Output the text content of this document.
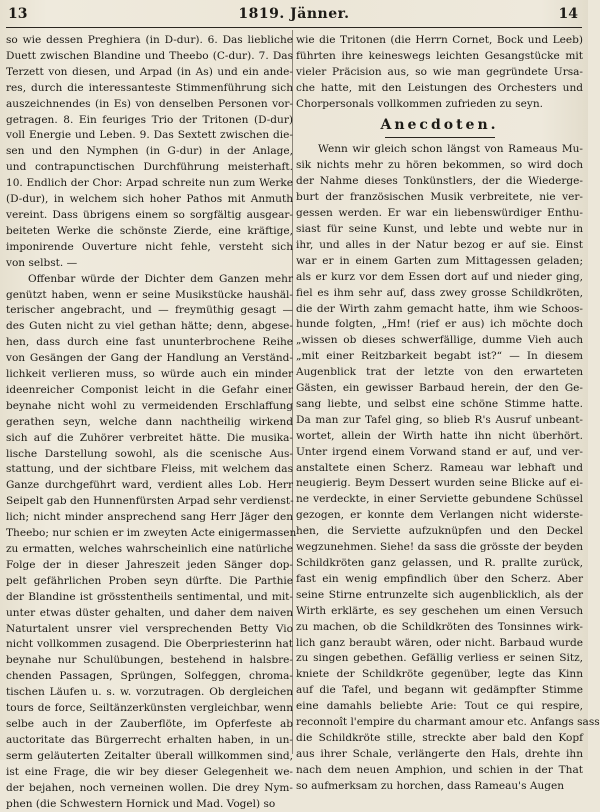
13	1819. Jänner.	14

so wie dessen Preghiera (in D-dur). 6. Das liebliche

Duett zwischen Blandine und Theebo (C-dur). 7. Das

Terzett von diesen, und Arpad (in As) und ein ande-

res, durch die interessanteste Stimmenführung sich

auszeichnendes (in Es) von denselben Personen vor-

getragen. 8. Ein feuriges Trio der Tritonen (D-dur)

voll Energie und Leben. 9. Das Sextett zwischen die-

sen und den Nymphen (in G-dur) in der Anlage,

und contrapunctischen Durchführung meisterhaft.

10. Endlich der Chor: Arpad schreite nun zum Werke

(D-dur), in welchem sich hoher Pathos mit Anmuth

vereint. Dass übrigens einem so sorgfältig ausgear-

beiteten Werke die schönste Zierde, eine kräftige,

imponirende Ouverture nicht fehle, versteht sich

von selbst. —

Offenbar würde der Dichter dem Ganzen mehr

genützt haben, wenn er seine Musikstücke haushäl-

terischer angebracht, und — freymüthig gesagt —

des Guten nicht zu viel gethan hätte; denn, abgese-

hen, dass durch eine fast ununterbrochene Reihe

von Gesängen der Gang der Handlung an Verständ-

lichkeit verlieren muss, so würde auch ein minder

ideenreicher Componist leicht in die Gefahr einer

beynahe nicht wohl zu vermeidenden Erschlaffung

gerathen seyn, welche dann nachtheilig wirkend

sich auf die Zuhörer verbreitet hätte. Die musika-

lische Darstellung sowohl, als die scenische Aus-

stattung, und der sichtbare Fleiss, mit welchem das

Ganze durchgeführt ward, verdient alles Lob. Herr

Seipelt gab den Hunnenfürsten Arpad sehr verdienst-

lich; nicht minder ansprechend sang Herr Jäger den

Theebo; nur schien er im zweyten Acte einigermassen

zu ermatten, welches wahrscheinlich eine natürliche

Folge der in dieser Jahreszeit jeden Sänger dop-

pelt gefährlichen Proben seyn dürfte. Die Parthie

der Blandine ist grösstentheils sentimental, und mit-

unter etwas düster gehalten, und daher dem naiven

Naturtalent unsrer viel versprechenden Betty Vio

nicht vollkommen zusagend. Die Oberpriesterinn hat

beynahe nur Schulübungen, bestehend in halsbre-

chenden Passagen, Sprüngen, Solfeggen, chroma-

tischen Läufen u. s. w. vorzutragen. Ob dergleichen

tours de force, Seiltänzerkünsten vergleichbar, wenn

selbe auch in der Zauberflöte, im Opferfeste ab

auctoritate das Bürgerrecht erhalten haben, in un-

serm geläuterten Zeitalter überall willkommen sind,

ist eine Frage, die wir bey dieser Gelegenheit we-

der bejahen, noch verneinen wollen. Die drey Nym-

phen (die Schwestern Hornick und Mad. Vogel) so

wie die Tritonen (die Herrn Cornet, Bock und Leeb)

führten ihre keineswegs leichten Gesangstücke mit

vieler Präcision aus, so wie man gegründete Ursa-

che hatte, mit den Leistungen des Orchesters und

Chorpersonals vollkommen zufrieden zu seyn.

Anecdoten.

Wenn wir gleich schon längst von Rameaus Mu-

sik nichts mehr zu hören bekommen, so wird doch

der Nahme dieses Tonkünstlers, der die Wiederge-

burt der französischen Musik verbreitete, nie ver-

gessen werden. Er war ein liebenswürdiger Enthu-

siast für seine Kunst, und lebte und webte nur in

ihr, und alles in der Natur bezog er auf sie. Einst

war er in einem Garten zum Mittagessen geladen;

als er kurz vor dem Essen dort auf und nieder ging,

fiel es ihm sehr auf, dass zwey grosse Schildkröten,

die der Wirth zahm gemacht hatte, ihm wie Schoos-

hunde folgten, „Hm! (rief er aus) ich möchte doch

„wissen ob dieses schwerfällige, dumme Vieh auch

„mit einer Reitzbarkeit begabt ist?“ — In diesem

Augenblick trat der letzte von den erwarteten

Gästen, ein gewisser Barbaud herein, der den Ge-

sang liebte, und selbst eine schöne Stimme hatte.

Da man zur Tafel ging, so blieb R's Ausruf unbeant-

wortet, allein der Wirth hatte ihn nicht überhört.

Unter irgend einem Vorwand stand er auf, und ver-

anstaltete einen Scherz. Rameau war lebhaft und

neugierig. Beym Dessert wurden seine Blicke auf ei-

ne verdeckte, in einer Serviette gebundene Schüssel

gezogen, er konnte dem Verlangen nicht widerste-

hen, die Serviette aufzuknüpfen und den Deckel

wegzunehmen. Siehe! da sass die grösste der beyden

Schildkröten ganz gelassen, und R. prallte zurück,

fast ein wenig empfindlich über den Scherz. Aber

seine Stirne entrunzelte sich augenblicklich, als der

Wirth erklärte, es sey geschehen um einen Versuch

zu machen, ob die Schildkröten des Tonsinnes wirk-

lich ganz beraubt wären, oder nicht. Barbaud wurde

zu singen gebethen. Gefällig verliess er seinen Sitz,

kniete der Schildkröte gegenüber, legte das Kinn

auf die Tafel, und begann wit gedämpfter Stimme

eine damahls beliebte Arie: Tout ce qui respire,

reconnoît l'empire du charmant amour etc. Anfangs sass

die Schildkröte stille, streckte aber bald den Kopf

aus ihrer Schale, verlängerte den Hals, drehte ihn

nach dem neuen Amphion, und schien in der That

so aufmerksam zu horchen, dass Rameau's Augen
